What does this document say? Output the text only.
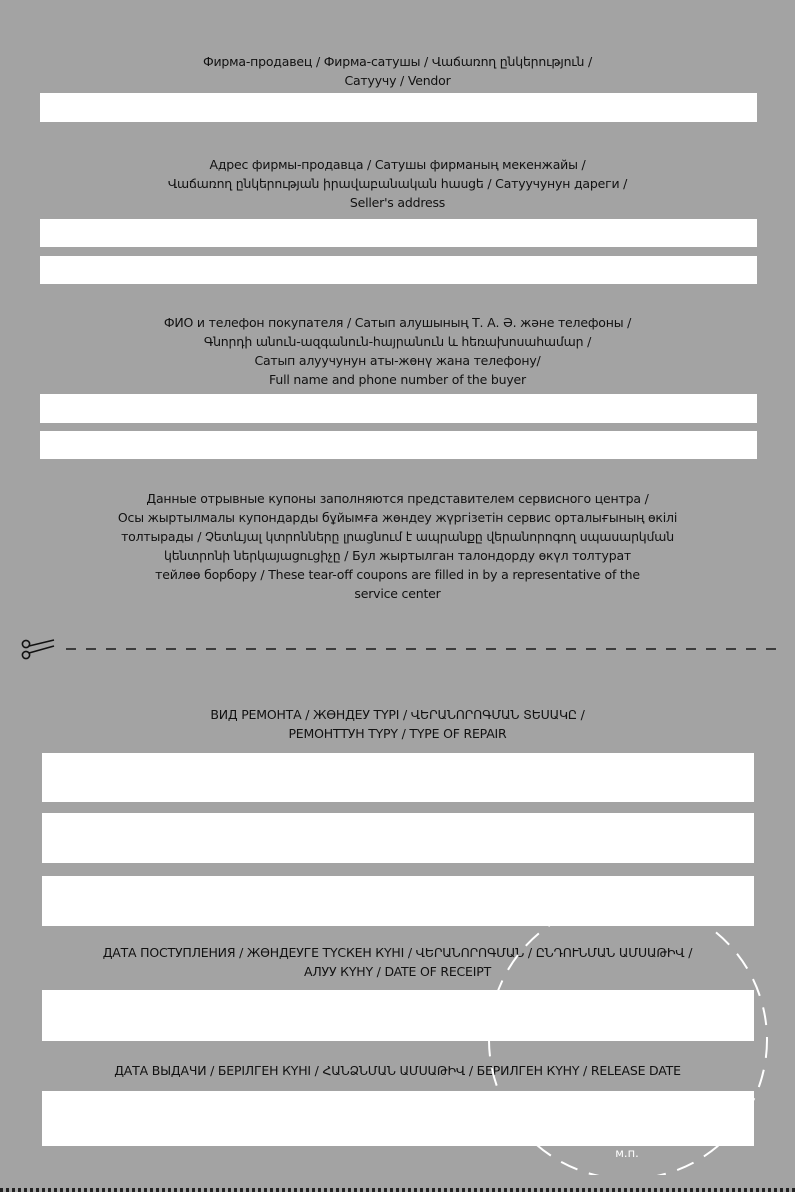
Фирма-продавец / Фирма-сатушы / Վաճառող ընկերություն /
Сатуучу / Vendor
Адрес фирмы-продавца / Сатушы фирманың мекенжайы /
Վաճառող ընկերության իրավաբանական հասցե / Сатуучунун дареги /
Seller's address
ФИО и телефон покупателя / Сатып алушының Т. А. Ә. және телефоны /
Գնորդի անուն-ազգանուն-հայրանուն և հեռախոսահամար /
Сатып алуучунун аты-жөнү жана телефону/
Full name and phone number of the buyer
Данные отрывные купоны заполняются представителем сервисного центра /
Осы жыртылмалы купондарды бұйымға жөндеу жүргізетін сервис орталығының өкілі
толтырады / Չետևյալ կտրոնները լրացնում է ապրանքը վերանորոգող սպասարկման
կենտրոնի ներկայացուցիչը / Бул жыртылган талондорду өкүл толтурат
тейлөө борбору / These tear-off coupons are filled in by a representative of the
service center
ВИД РЕМОНТА / ЖӨНДЕУ ТҮРІ / ՎԵՐԱՆՈՐՈԳՄԱՆ ՏԵՍԱԿԸ /
РЕМОНТТУН ТҮРҮ / TYPE OF REPAIR
ДАТА ПОСТУПЛЕНИЯ / ЖӨНДЕУГЕ ТҮСКЕН КҮНІ / ՎԵՐԱՆՈՐՈԳՄԱՆ / ԸՆԴՈՒՆՄԱՆ ԱՄՍԱԹԻՎ /
АЛУУ КҮНҮ / DATE OF RECEIPT
ДАТА ВЫДАЧИ / БЕРІЛГЕН КҮНІ / ՀԱՆՁՆՄԱՆ ԱՄՍԱԹԻՎ / БЕРИЛГЕН КҮНҮ / RELEASE DATE
м.п.
